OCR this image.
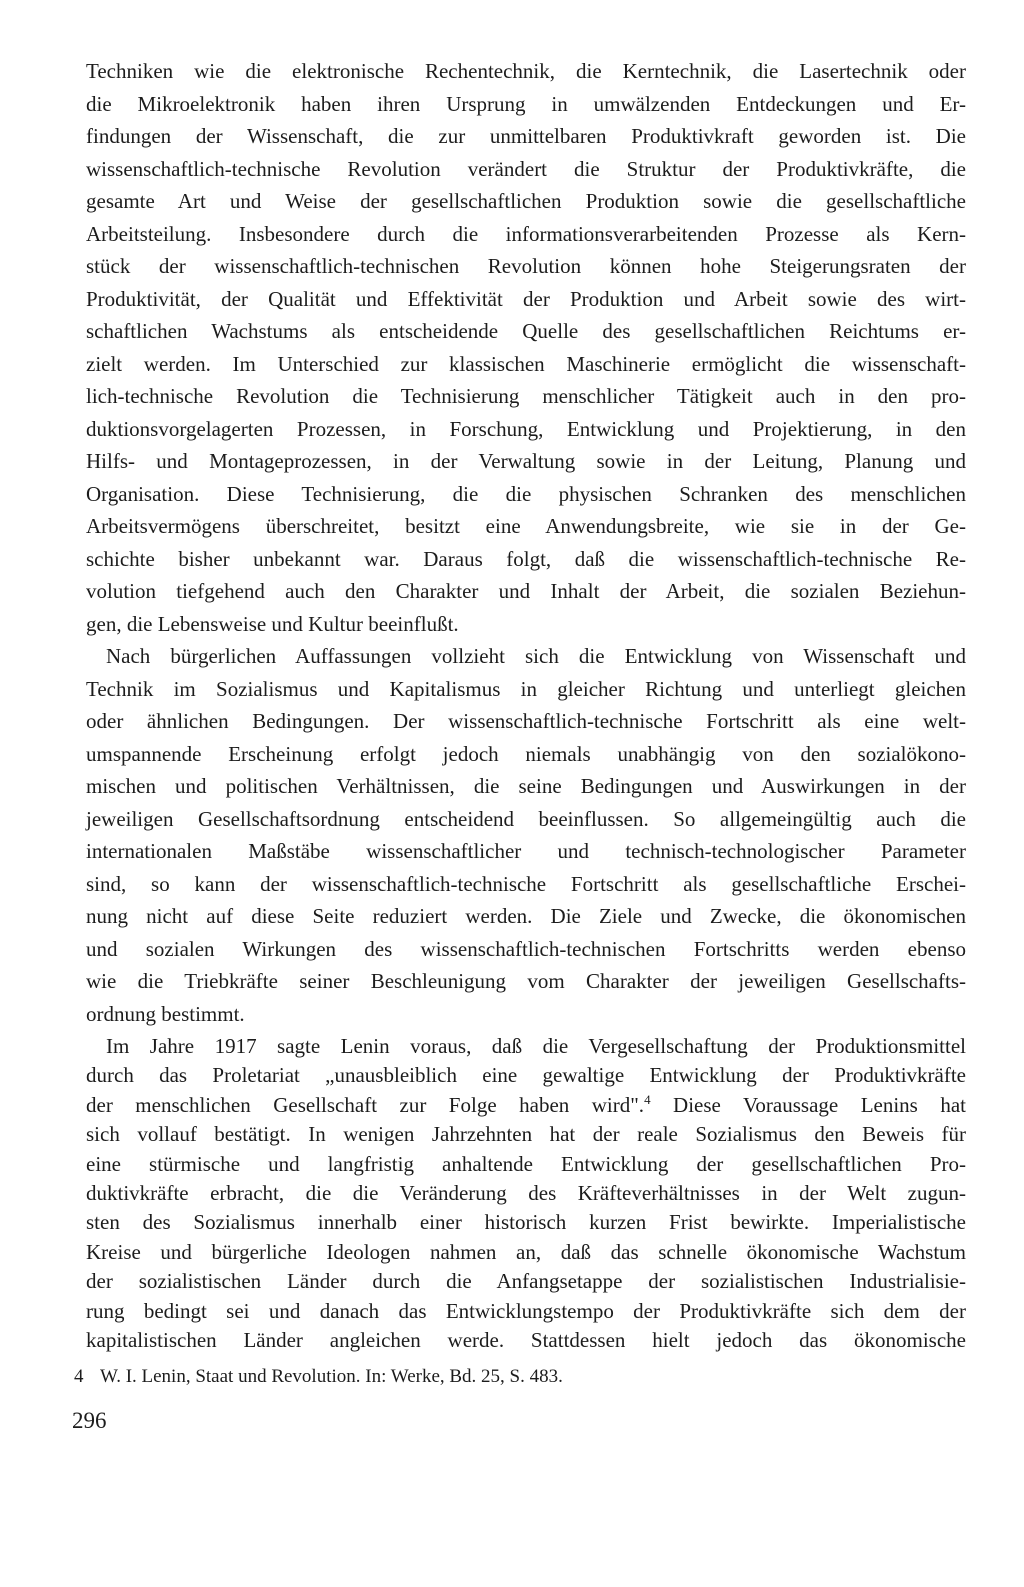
Techniken wie die elektronische Rechentechnik, die Kerntechnik, die Lasertechnik oder
die Mikroelektronik haben ihren Ursprung in umwälzenden Entdeckungen und Er-
findungen der Wissenschaft, die zur unmittelbaren Produktivkraft geworden ist. Die
wissenschaftlich-technische Revolution verändert die Struktur der Produktivkräfte, die
gesamte Art und Weise der gesellschaftlichen Produktion sowie die gesellschaftliche
Arbeitsteilung. Insbesondere durch die informationsverarbeitenden Prozesse als Kern-
stück der wissenschaftlich-technischen Revolution können hohe Steigerungsraten der
Produktivität, der Qualität und Effektivität der Produktion und Arbeit sowie des wirt-
schaftlichen Wachstums als entscheidende Quelle des gesellschaftlichen Reichtums er-
zielt werden. Im Unterschied zur klassischen Maschinerie ermöglicht die wissenschaft-
lich-technische Revolution die Technisierung menschlicher Tätigkeit auch in den pro-
duktionsvorgelagerten Prozessen, in Forschung, Entwicklung und Projektierung, in den
Hilfs- und Montageprozessen, in der Verwaltung sowie in der Leitung, Planung und
Organisation. Diese Technisierung, die die physischen Schranken des menschlichen
Arbeitsvermögens überschreitet, besitzt eine Anwendungsbreite, wie sie in der Ge-
schichte bisher unbekannt war. Daraus folgt, daß die wissenschaftlich-technische Re-
volution tiefgehend auch den Charakter und Inhalt der Arbeit, die sozialen Beziehun-
gen, die Lebensweise und Kultur beeinflußt.
Nach bürgerlichen Auffassungen vollzieht sich die Entwicklung von Wissenschaft und
Technik im Sozialismus und Kapitalismus in gleicher Richtung und unterliegt gleichen
oder ähnlichen Bedingungen. Der wissenschaftlich-technische Fortschritt als eine welt-
umspannende Erscheinung erfolgt jedoch niemals unabhängig von den sozialökono-
mischen und politischen Verhältnissen, die seine Bedingungen und Auswirkungen in der
jeweiligen Gesellschaftsordnung entscheidend beeinflussen. So allgemeingültig auch die
internationalen Maßstäbe wissenschaftlicher und technisch-technologischer Parameter
sind, so kann der wissenschaftlich-technische Fortschritt als gesellschaftliche Erschei-
nung nicht auf diese Seite reduziert werden. Die Ziele und Zwecke, die ökonomischen
und sozialen Wirkungen des wissenschaftlich-technischen Fortschritts werden ebenso
wie die Triebkräfte seiner Beschleunigung vom Charakter der jeweiligen Gesellschafts-
ordnung bestimmt.
Im Jahre 1917 sagte Lenin voraus, daß die Vergesellschaftung der Produktionsmittel
durch das Proletariat „unausbleiblich eine gewaltige Entwicklung der Produktivkräfte
der menschlichen Gesellschaft zur Folge haben wird".$^4$ Diese Voraussage Lenins hat
sich vollauf bestätigt. In wenigen Jahrzehnten hat der reale Sozialismus den Beweis für
eine stürmische und langfristig anhaltende Entwicklung der gesellschaftlichen Pro-
duktivkräfte erbracht, die die Veränderung des Kräfteverhältnisses in der Welt zugun-
sten des Sozialismus innerhalb einer historisch kurzen Frist bewirkte. Imperialistische
Kreise und bürgerliche Ideologen nahmen an, daß das schnelle ökonomische Wachstum
der sozialistischen Länder durch die Anfangsetappe der sozialistischen Industrialisie-
rung bedingt sei und danach das Entwicklungstempo der Produktivkräfte sich dem der
kapitalistischen Länder angleichen werde. Stattdessen hielt jedoch das ökonomische
4 W. I. Lenin, Staat und Revolution. In: Werke, Bd. 25, S. 483.
296
